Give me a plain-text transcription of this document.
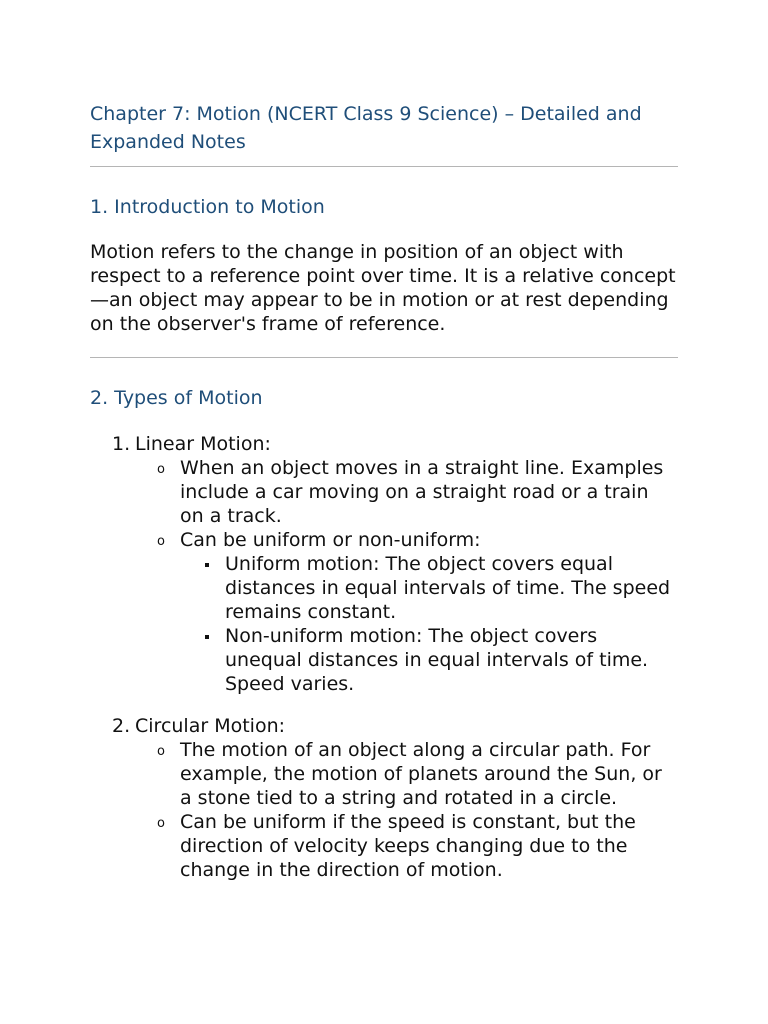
Chapter 7: Motion (NCERT Class 9 Science) – Detailed and Expanded Notes
1. Introduction to Motion

Motion refers to the change in position of an object with respect to a reference point over time. It is a relative concept—an object may appear to be in motion or at rest depending on the observer's frame of reference.

2. Types of Motion
1. Linear Motion:
o When an object moves in a straight line. Examples include a car moving on a straight road or a train on a track.
o Can be uniform or non-uniform:
Uniform motion: The object covers equal distances in equal intervals of time. The speed remains constant.
Non-uniform motion: The object covers unequal distances in equal intervals of time. Speed varies.
2. Circular Motion:
o The motion of an object along a circular path. For example, the motion of planets around the Sun, or a stone tied to a string and rotated in a circle.
o Can be uniform if the speed is constant, but the direction of velocity keeps changing due to the change in the direction of motion.
